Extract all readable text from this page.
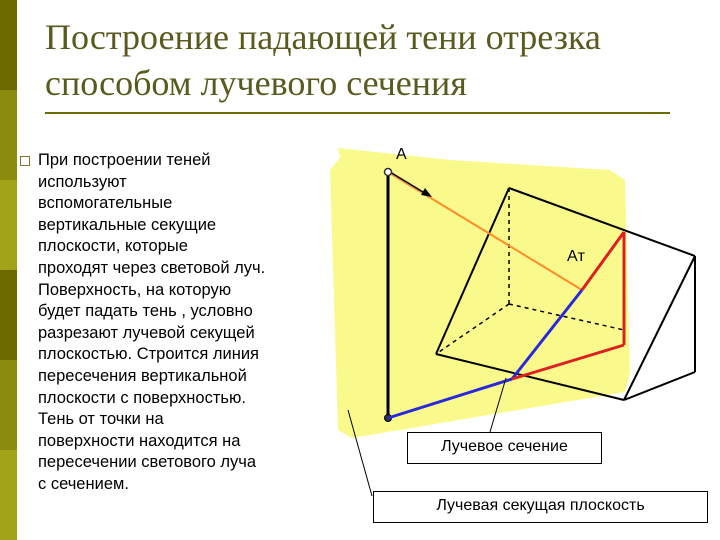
Построение падающей тени отрезка способом лучевого сечения

При построении теней
используют
вспомогательные
вертикальные секущие
плоскости, которые
проходят через световой луч.
Поверхность, на которую
будет падать тень , условно
разрезают лучевой секущей
плоскостью. Строится линия
пересечения вертикальной
плоскости с поверхностью.
Тень от точки на
поверхности находится на
пересечении светового луча
с сечением.

A
Aт
Лучевое сечение
Лучевая секущая плоскость
